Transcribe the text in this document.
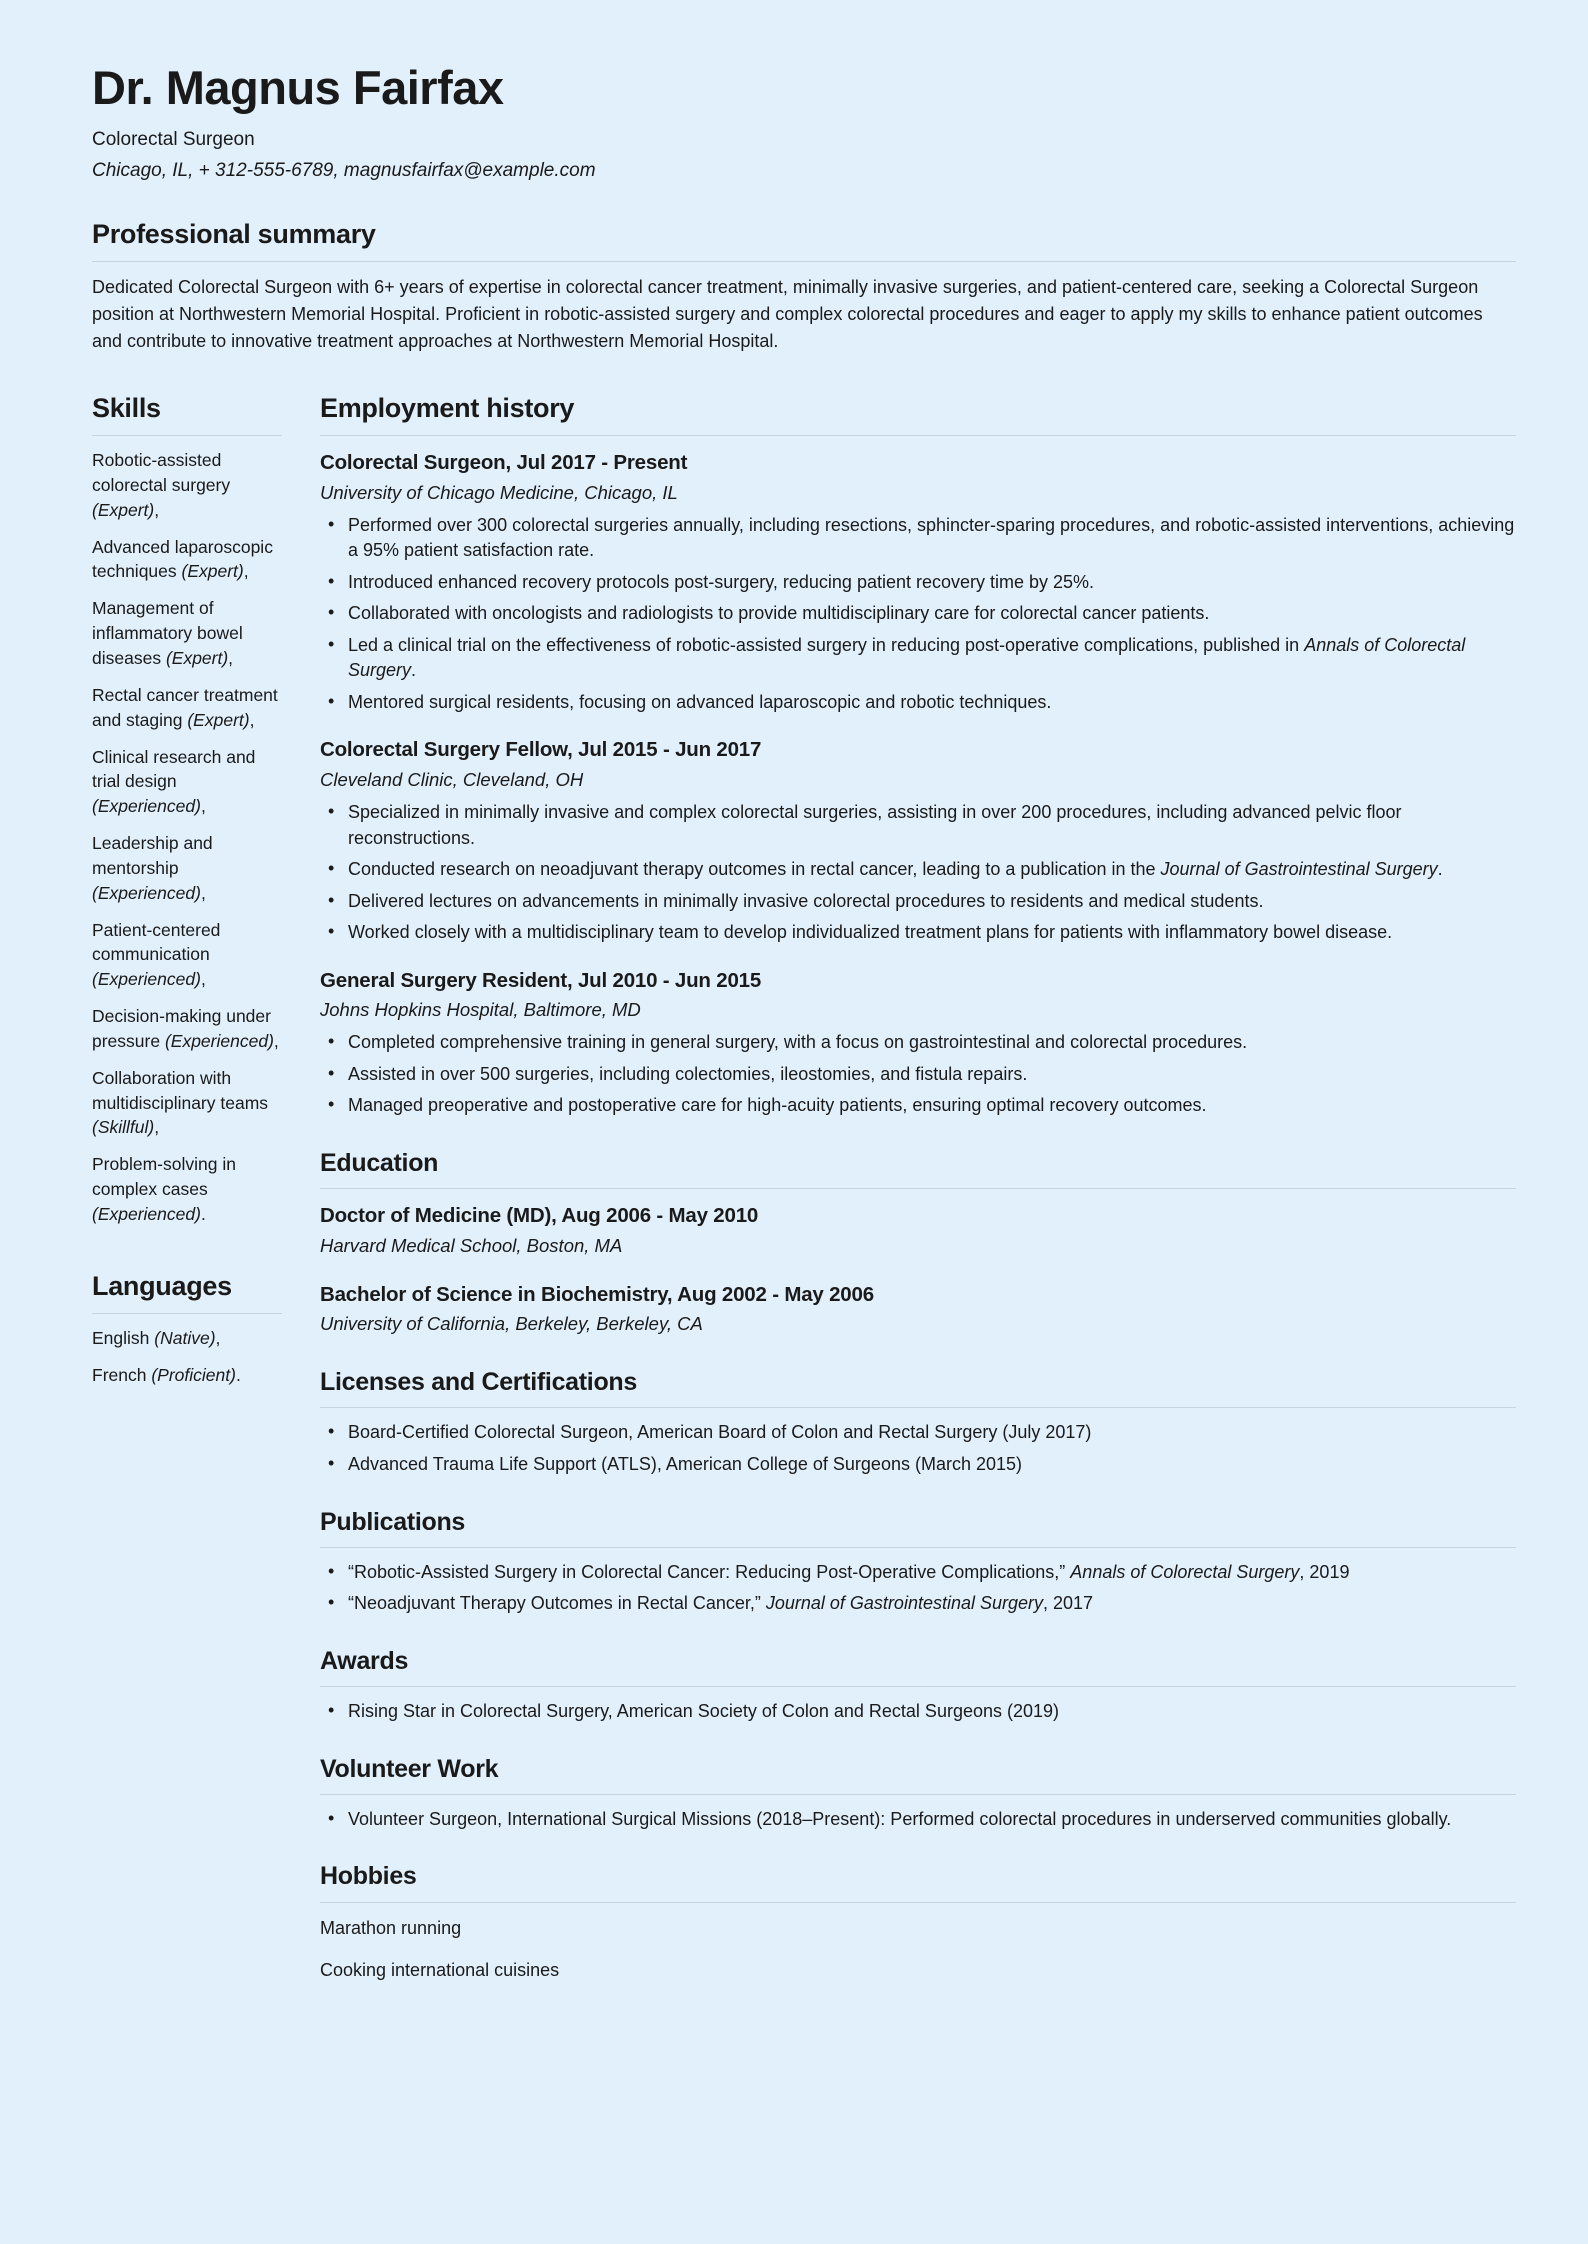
Dr. Magnus Fairfax
Colorectal Surgeon
Chicago, IL, + 312-555-6789, magnusfairfax@example.com
Professional summary

Dedicated Colorectal Surgeon with 6+ years of expertise in colorectal cancer treatment, minimally invasive surgeries, and patient-centered care, seeking a Colorectal Surgeon position at Northwestern Memorial Hospital. Proficient in robotic-assisted surgery and complex colorectal procedures and eager to apply my skills to enhance patient outcomes and contribute to innovative treatment approaches at Northwestern Memorial Hospital.

Skills
Robotic-assisted colorectal surgery (Expert),
Advanced laparoscopic techniques (Expert),
Management of inflammatory bowel diseases (Expert),
Rectal cancer treatment and staging (Expert),
Clinical research and trial design (Experienced),
Leadership and mentorship (Experienced),
Patient-centered communication (Experienced),
Decision-making under pressure (Experienced),
Collaboration with multidisciplinary teams (Skillful),
Problem-solving in complex cases (Experienced).
Languages
English (Native),
French (Proficient).
Employment history
Colorectal Surgeon, Jul 2017 - Present
University of Chicago Medicine, Chicago, IL
• Performed over 300 colorectal surgeries annually, including resections, sphincter-sparing procedures, and robotic-assisted interventions, achieving a 95% patient satisfaction rate.
• Introduced enhanced recovery protocols post-surgery, reducing patient recovery time by 25%.
• Collaborated with oncologists and radiologists to provide multidisciplinary care for colorectal cancer patients.
• Led a clinical trial on the effectiveness of robotic-assisted surgery in reducing post-operative complications, published in Annals of Colorectal Surgery.
• Mentored surgical residents, focusing on advanced laparoscopic and robotic techniques.
Colorectal Surgery Fellow, Jul 2015 - Jun 2017
Cleveland Clinic, Cleveland, OH
• Specialized in minimally invasive and complex colorectal surgeries, assisting in over 200 procedures, including advanced pelvic floor reconstructions.
• Conducted research on neoadjuvant therapy outcomes in rectal cancer, leading to a publication in the Journal of Gastrointestinal Surgery.
• Delivered lectures on advancements in minimally invasive colorectal procedures to residents and medical students.
• Worked closely with a multidisciplinary team to develop individualized treatment plans for patients with inflammatory bowel disease.
General Surgery Resident, Jul 2010 - Jun 2015
Johns Hopkins Hospital, Baltimore, MD
• Completed comprehensive training in general surgery, with a focus on gastrointestinal and colorectal procedures.
• Assisted in over 500 surgeries, including colectomies, ileostomies, and fistula repairs.
• Managed preoperative and postoperative care for high-acuity patients, ensuring optimal recovery outcomes.
Education
Doctor of Medicine (MD), Aug 2006 - May 2010
Harvard Medical School, Boston, MA
Bachelor of Science in Biochemistry, Aug 2002 - May 2006
University of California, Berkeley, Berkeley, CA
Licenses and Certifications
• Board-Certified Colorectal Surgeon, American Board of Colon and Rectal Surgery (July 2017)
• Advanced Trauma Life Support (ATLS), American College of Surgeons (March 2015)
Publications
• “Robotic-Assisted Surgery in Colorectal Cancer: Reducing Post-Operative Complications,” Annals of Colorectal Surgery, 2019
• “Neoadjuvant Therapy Outcomes in Rectal Cancer,” Journal of Gastrointestinal Surgery, 2017
Awards
• Rising Star in Colorectal Surgery, American Society of Colon and Rectal Surgeons (2019)
Volunteer Work
• Volunteer Surgeon, International Surgical Missions (2018–Present): Performed colorectal procedures in underserved communities globally.
Hobbies
Marathon running
Cooking international cuisines
